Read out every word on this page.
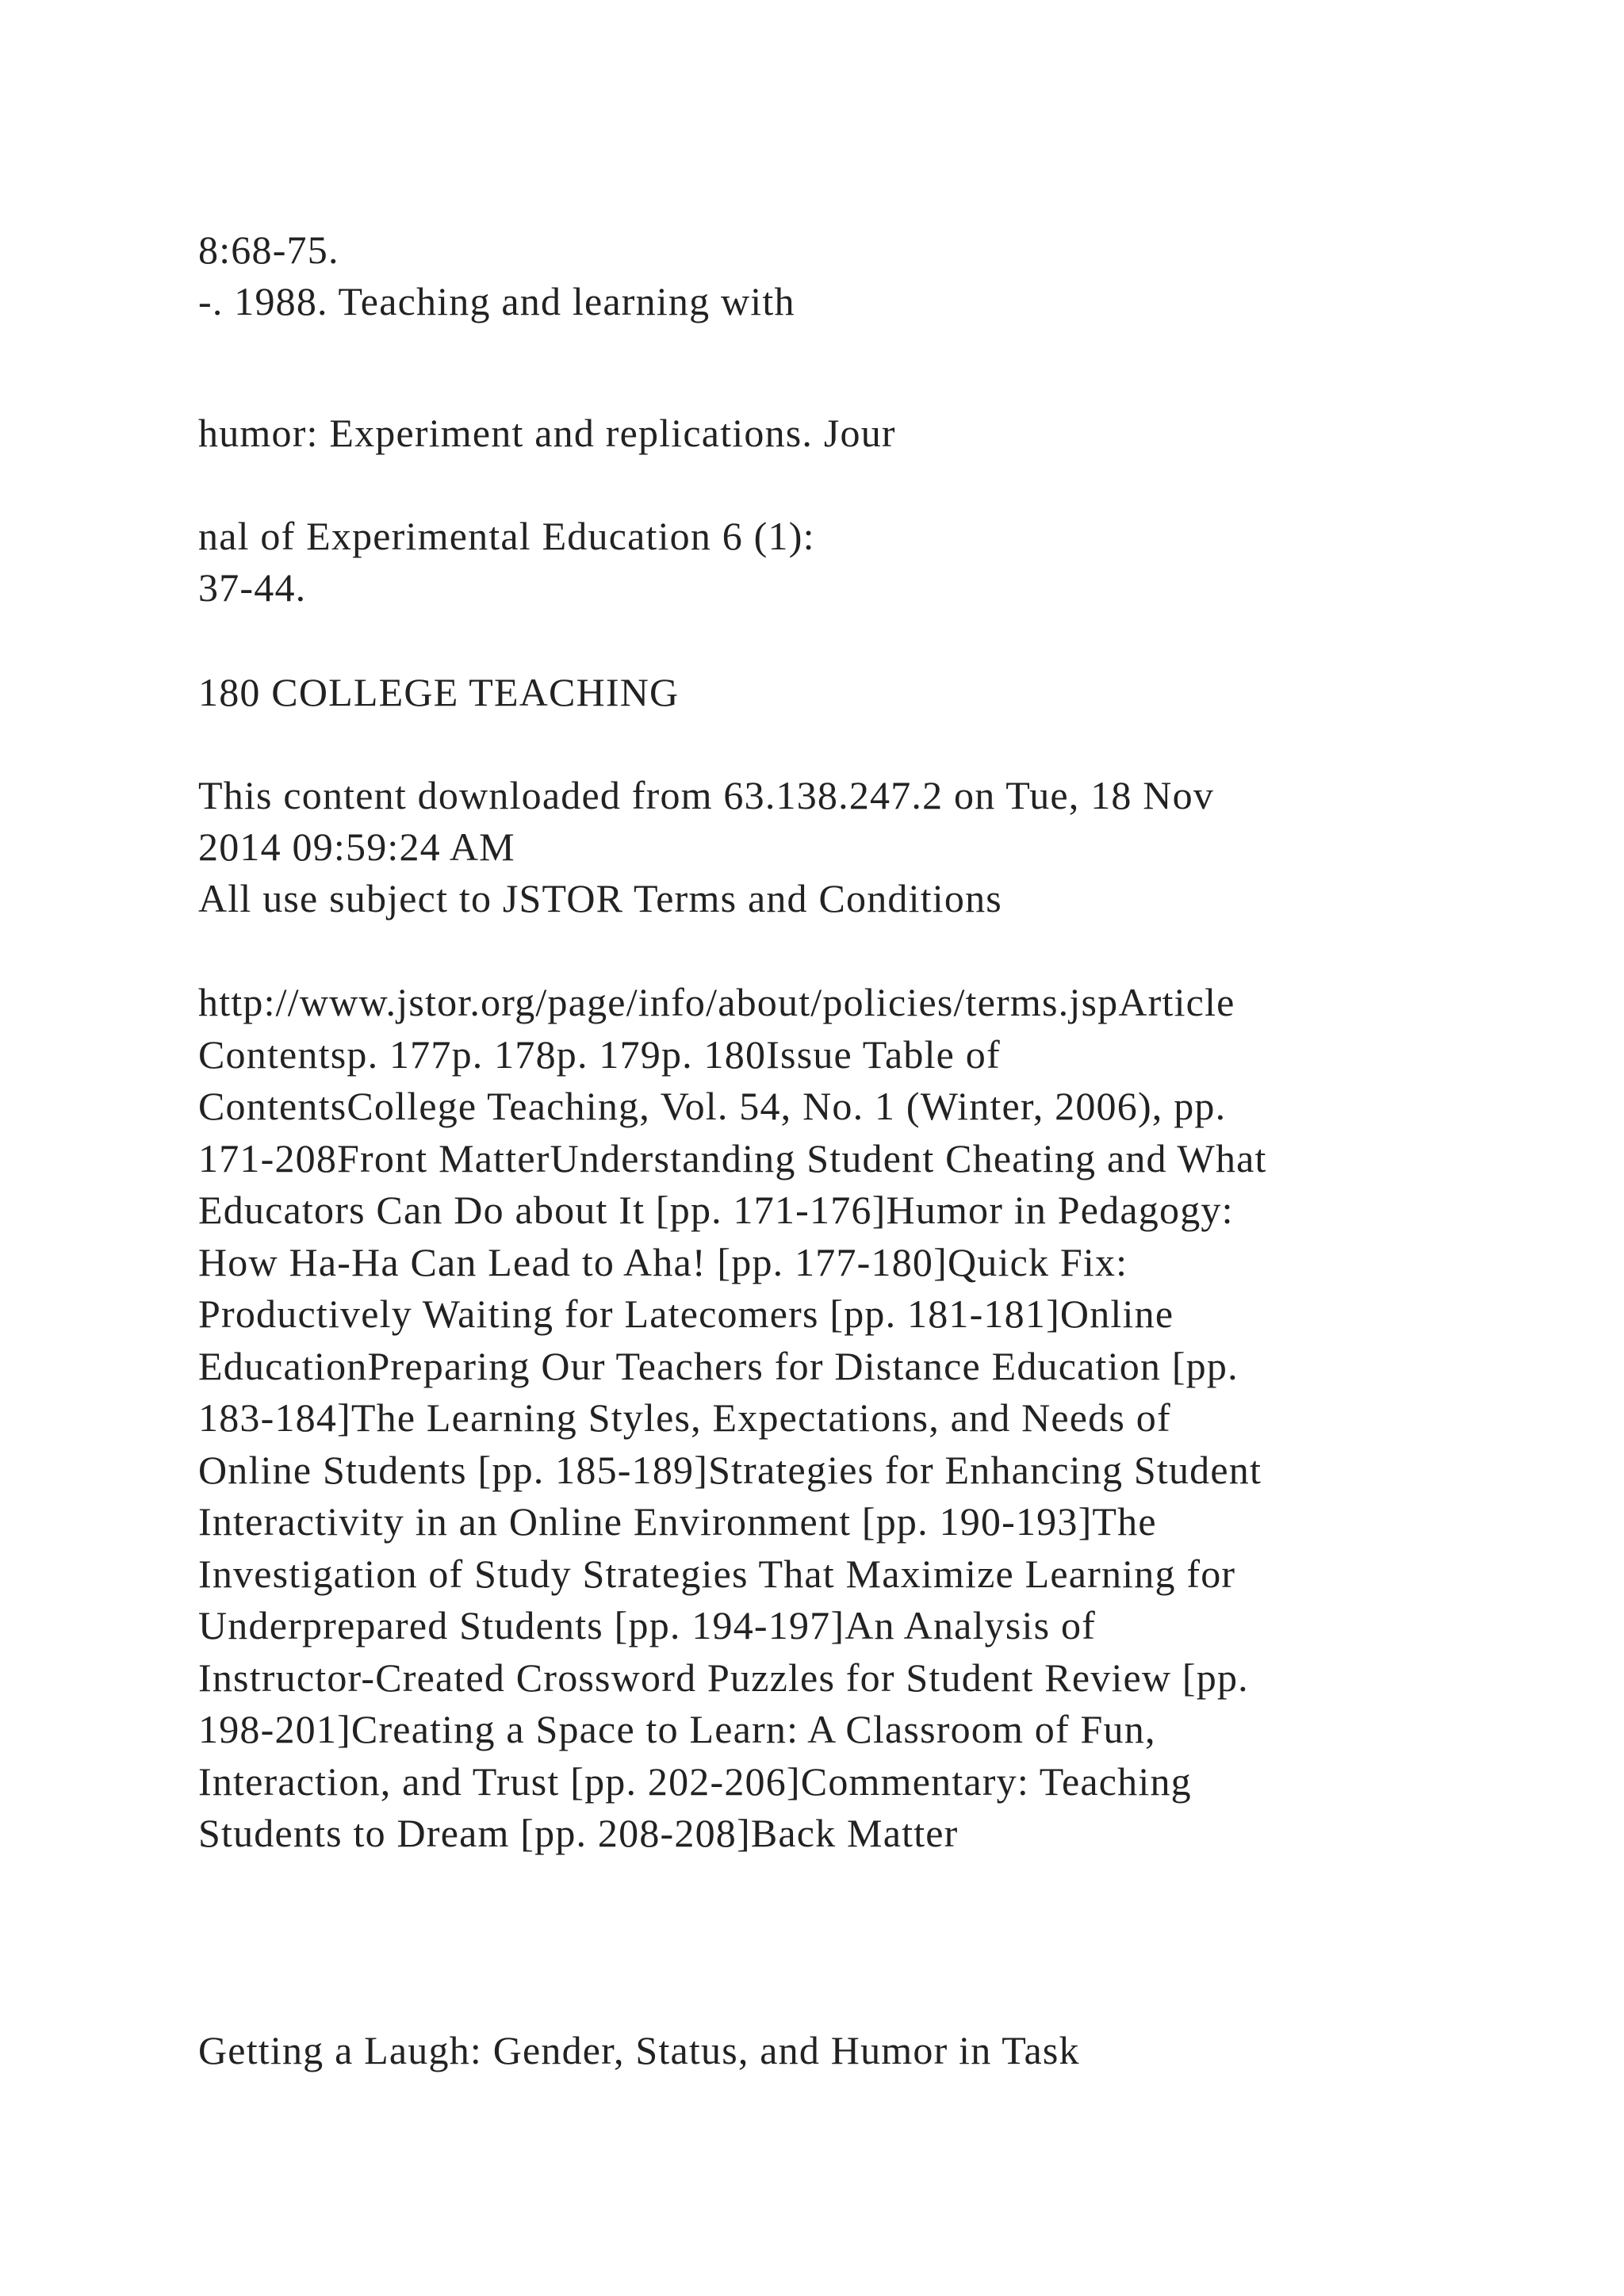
8:68-75.

-. 1988. Teaching and learning with

humor: Experiment and replications. Jour

nal of Experimental Education 6 (1):

37-44.

180 COLLEGE TEACHING

This content downloaded from 63.138.247.2 on Tue, 18 Nov

2014 09:59:24 AM

All use subject to JSTOR Terms and Conditions

http://www.jstor.org/page/info/about/policies/terms.jspArticle
Contentsp. 177p. 178p. 179p. 180Issue Table of
ContentsCollege Teaching, Vol. 54, No. 1 (Winter, 2006), pp.
171-208Front MatterUnderstanding Student Cheating and What
Educators Can Do about It [pp. 171-176]Humor in Pedagogy:
How Ha-Ha Can Lead to Aha! [pp. 177-180]Quick Fix:
Productively Waiting for Latecomers [pp. 181-181]Online
EducationPreparing Our Teachers for Distance Education [pp.
183-184]The Learning Styles, Expectations, and Needs of
Online Students [pp. 185-189]Strategies for Enhancing Student
Interactivity in an Online Environment [pp. 190-193]The
Investigation of Study Strategies That Maximize Learning for
Underprepared Students [pp. 194-197]An Analysis of
Instructor-Created Crossword Puzzles for Student Review [pp.
198-201]Creating a Space to Learn: A Classroom of Fun,
Interaction, and Trust [pp. 202-206]Commentary: Teaching
Students to Dream [pp. 208-208]Back Matter

Getting a Laugh: Gender, Status, and Humor in Task
